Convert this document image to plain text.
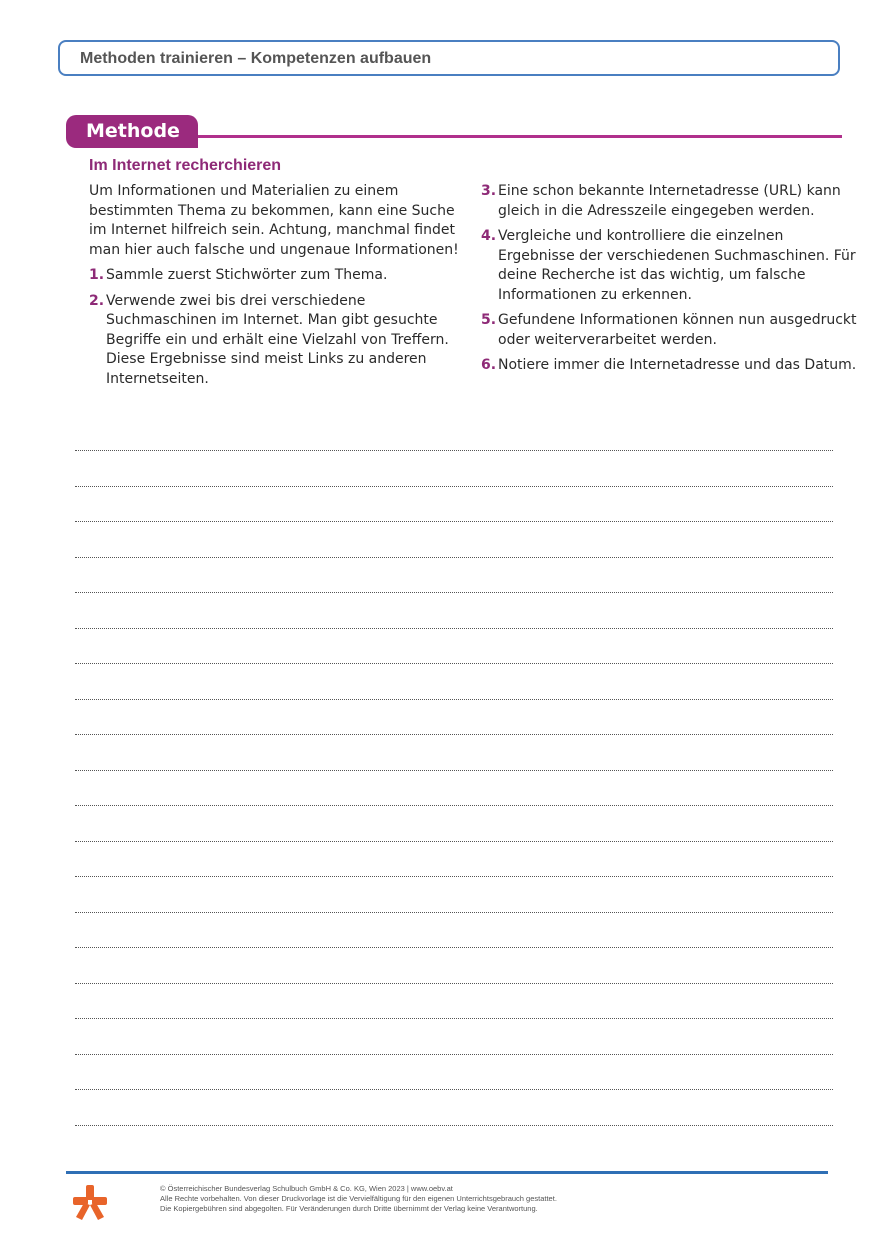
Methoden trainieren – Kompetenzen aufbauen
Methode
Im Internet recherchieren

Um Informationen und Materialien zu einem bestimmten Thema zu bekommen, kann eine Suche im Internet hilfreich sein. Achtung, manchmal findet man hier auch falsche und ungenaue Informationen!

1. Sammle zuerst Stichwörter zum Thema.
2. Verwende zwei bis drei verschiedene Suchmaschinen im Internet. Man gibt gesuchte Begriffe ein und erhält eine Vielzahl von Treffern. Diese Ergebnisse sind meist Links zu anderen Internetseiten.
3. Eine schon bekannte Internetadresse (URL) kann gleich in die Adresszeile eingegeben werden.
4. Vergleiche und kontrolliere die einzelnen Ergebnisse der verschiedenen Suchmaschinen. Für deine Recherche ist das wichtig, um falsche Informationen zu erkennen.
5. Gefundene Informationen können nun ausgedruckt oder weiterverarbeitet werden.
6. Notiere immer die Internetadresse und das Datum.
© Österreichischer Bundesverlag Schulbuch GmbH & Co. KG, Wien 2023 | www.oebv.at
Alle Rechte vorbehalten. Von dieser Druckvorlage ist die Vervielfältigung für den eigenen Unterrichtsgebrauch gestattet.
Die Kopiergebühren sind abgegolten. Für Veränderungen durch Dritte übernimmt der Verlag keine Verantwortung.
